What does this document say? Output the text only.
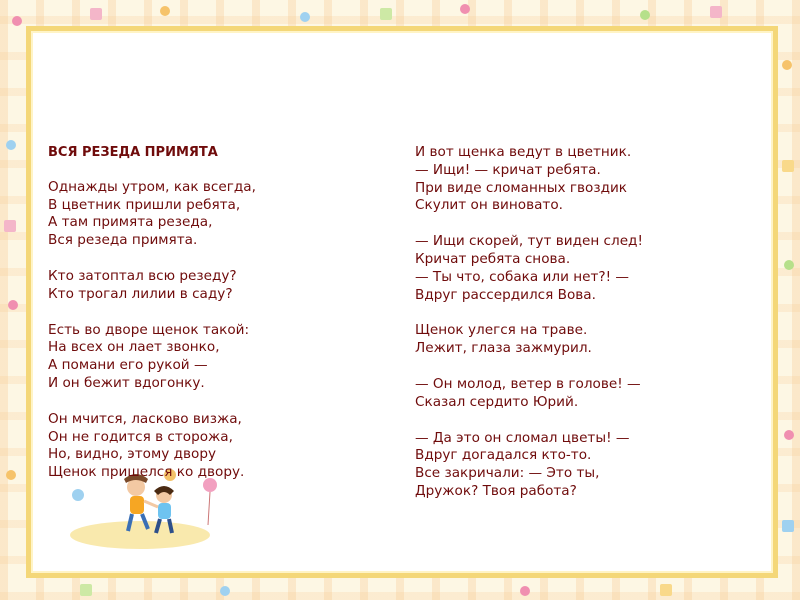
ВСЯ РЕЗЕДА ПРИМЯТА
Однажды утром, как всегда,
В цветник пришли ребята,
А там примята резеда,
Вся резеда примята.
Кто затоптал всю резеду?
Кто трогал лилии в саду?
Есть во дворе щенок такой:
На всех он лает звонко,
А помани его рукой —
И он бежит вдогонку.
Он мчится, ласково визжа,
Он не годится в сторожа,
Но, видно, этому двору
Щенок пришелся ко двору.
И вот щенка ведут в цветник.
— Ищи! — кричат ребята.
При виде сломанных гвоздик
Скулит он виновато.
— Ищи скорей, тут виден след!
Кричат ребята снова.
— Ты что, собака или нет?! —
Вдруг рассердился Вова.
Щенок улегся на траве.
Лежит, глаза зажмурил.
— Он молод, ветер в голове! —
Сказал сердито Юрий.
— Да это он сломал цветы! —
Вдруг догадался кто-то.
Все закричали: — Это ты,
Дружок? Твоя работа?
